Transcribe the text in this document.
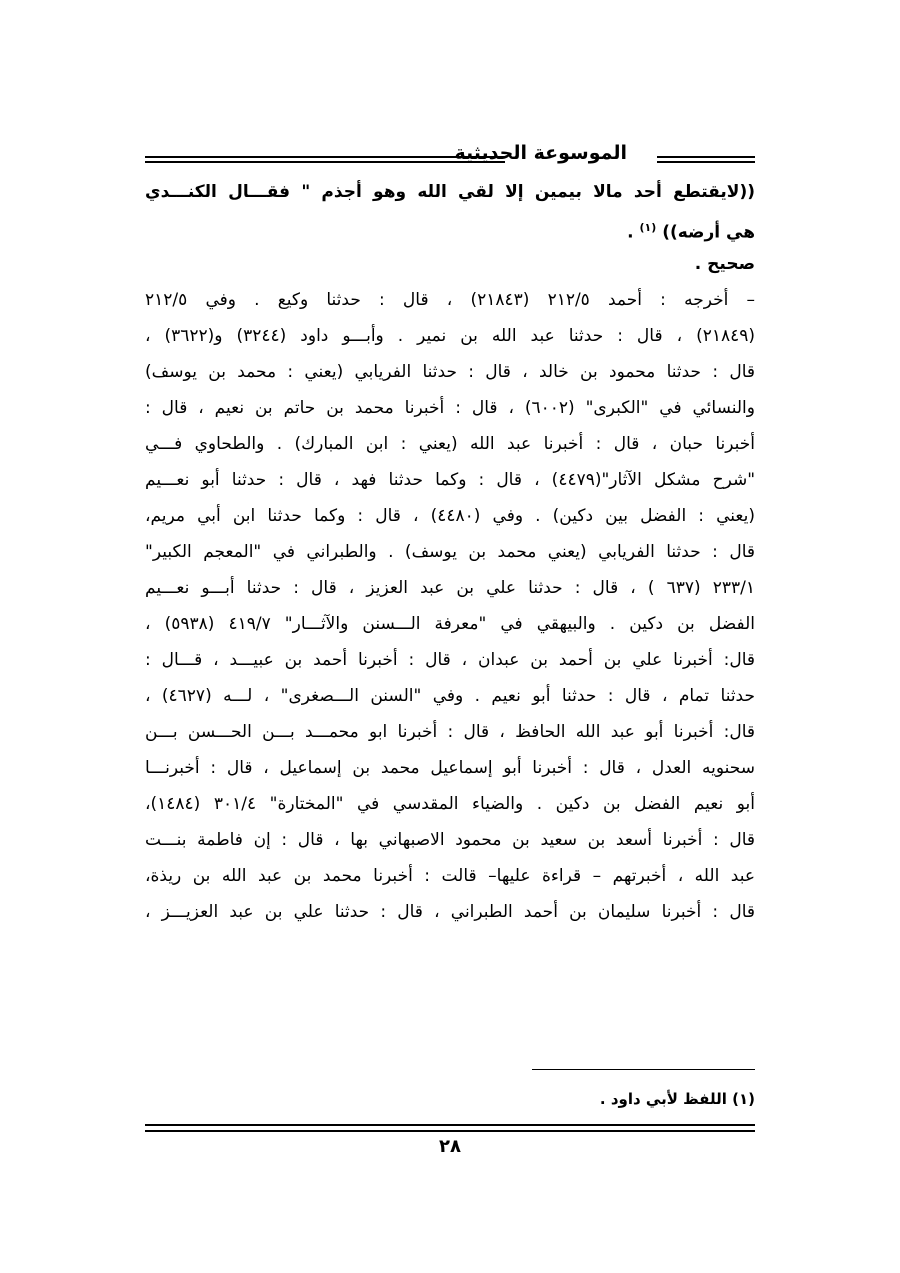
الموسوعة الحديثية
((لايقتطع أحد مالا بيمين إلا لقي الله وهو أجذم " فقـــال الكنـــدي
هي أرضه)) $^{(١)}$ .
صحيح .
– أخرجه : أحمد ٢١٢/٥ (٢١٨٤٣) ، قال : حدثنا وكيع . وفي ٢١٢/٥
(٢١٨٤٩) ، قال : حدثنا عبد الله بن نمير . وأبـــو داود (٣٢٤٤) و(٣٦٢٢) ،
قال : حدثنا محمود بن خالد ، قال : حدثنا الفريابي (يعني : محمد بن يوسف)
والنسائي في "الكبرى" (٦٠٠٢) ، قال : أخبرنا محمد بن حاتم بن نعيم ، قال :
أخبرنا حبان ، قال : أخبرنا عبد الله (يعني : ابن المبارك) . والطحاوي فـــي
"شرح مشكل الآثار"(٤٤٧٩) ، قال : وكما حدثنا فهد ، قال : حدثنا أبو نعـــيم
(يعني : الفضل بين دكين) . وفي (٤٤٨٠) ، قال : وكما حدثنا ابن أبي مريم،
قال : حدثنا الفريابي (يعني محمد بن يوسف) . والطبراني في "المعجم الكبير"
٢٣٣/١ (٦٣٧ ) ، قال : حدثنا علي بن عبد العزيز ، قال : حدثنا أبـــو نعـــيم
الفضل بن دكين . والبيهقي في "معرفة الـــسنن والآثـــار" ٤١٩/٧ (٥٩٣٨) ،
قال: أخبرنا علي بن أحمد بن عبدان ، قال : أخبرنا أحمد بن عبيـــد ، قـــال :
حدثنا تمام ، قال : حدثنا أبو نعيم . وفي "السنن الـــصغرى" ، لـــه (٤٦٢٧) ،
قال: أخبرنا أبو عبد الله الحافظ ، قال : أخبرنا ابو محمـــد بـــن الحـــسن بـــن
سحنويه العدل ، قال : أخبرنا أبو إسماعيل محمد بن إسماعيل ، قال : أخبرنـــا
أبو نعيم الفضل بن دكين . والضياء المقدسي في "المختارة" ٣٠١/٤ (١٤٨٤)،
قال : أخبرنا أسعد بن سعيد بن محمود الاصبهاني بها ، قال : إن فاطمة بنـــت
عبد الله ، أخبرتهم – قراءة عليها– قالت : أخبرنا محمد بن عبد الله بن ريذة،
قال : أخبرنا سليمان بن أحمد الطبراني ، قال : حدثنا علي بن عبد العزيـــز ،
(١) اللفظ لأبي داود .
٢٨
